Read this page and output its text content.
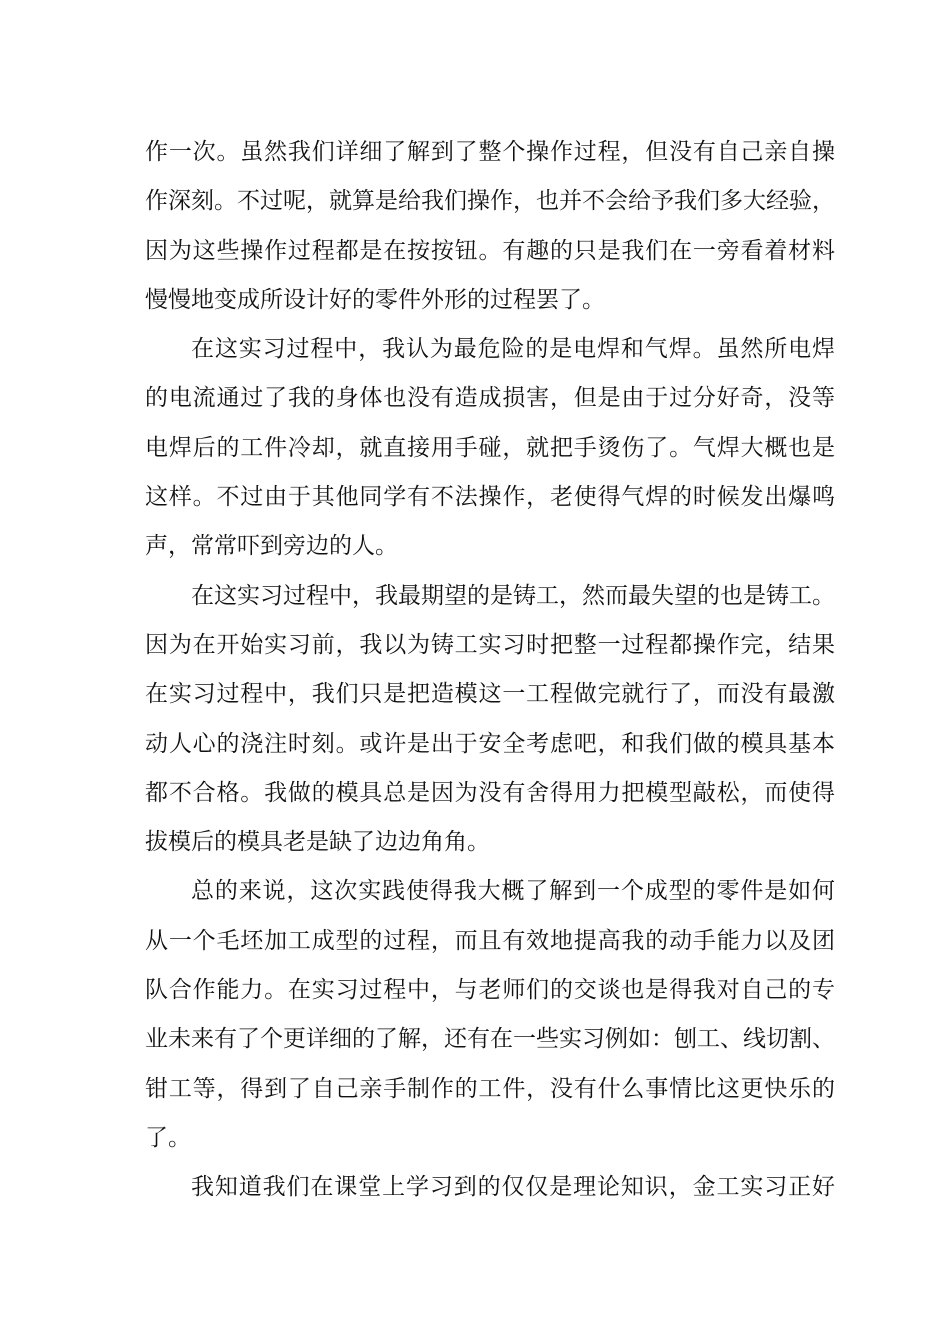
作一次。虽然我们详细了解到了整个操作过程，但没有自己亲自操
作深刻。不过呢，就算是给我们操作，也并不会给予我们多大经验，
因为这些操作过程都是在按按钮。有趣的只是我们在一旁看着材料
慢慢地变成所设计好的零件外形的过程罢了。
在这实习过程中，我认为最危险的是电焊和气焊。虽然所电焊
的电流通过了我的身体也没有造成损害，但是由于过分好奇，没等
电焊后的工件冷却，就直接用手碰，就把手烫伤了。气焊大概也是
这样。不过由于其他同学有不法操作，老使得气焊的时候发出爆鸣
声，常常吓到旁边的人。
在这实习过程中，我最期望的是铸工，然而最失望的也是铸工。
因为在开始实习前，我以为铸工实习时把整一过程都操作完，结果
在实习过程中，我们只是把造模这一工程做完就行了，而没有最激
动人心的浇注时刻。或许是出于安全考虑吧，和我们做的模具基本
都不合格。我做的模具总是因为没有舍得用力把模型敲松，而使得
拔模后的模具老是缺了边边角角。
总的来说，这次实践使得我大概了解到一个成型的零件是如何
从一个毛坯加工成型的过程，而且有效地提高我的动手能力以及团
队合作能力。在实习过程中，与老师们的交谈也是得我对自己的专
业未来有了个更详细的了解，还有在一些实习例如：刨工、线切割、
钳工等，得到了自己亲手制作的工件，没有什么事情比这更快乐的
了。
我知道我们在课堂上学习到的仅仅是理论知识，金工实习正好
